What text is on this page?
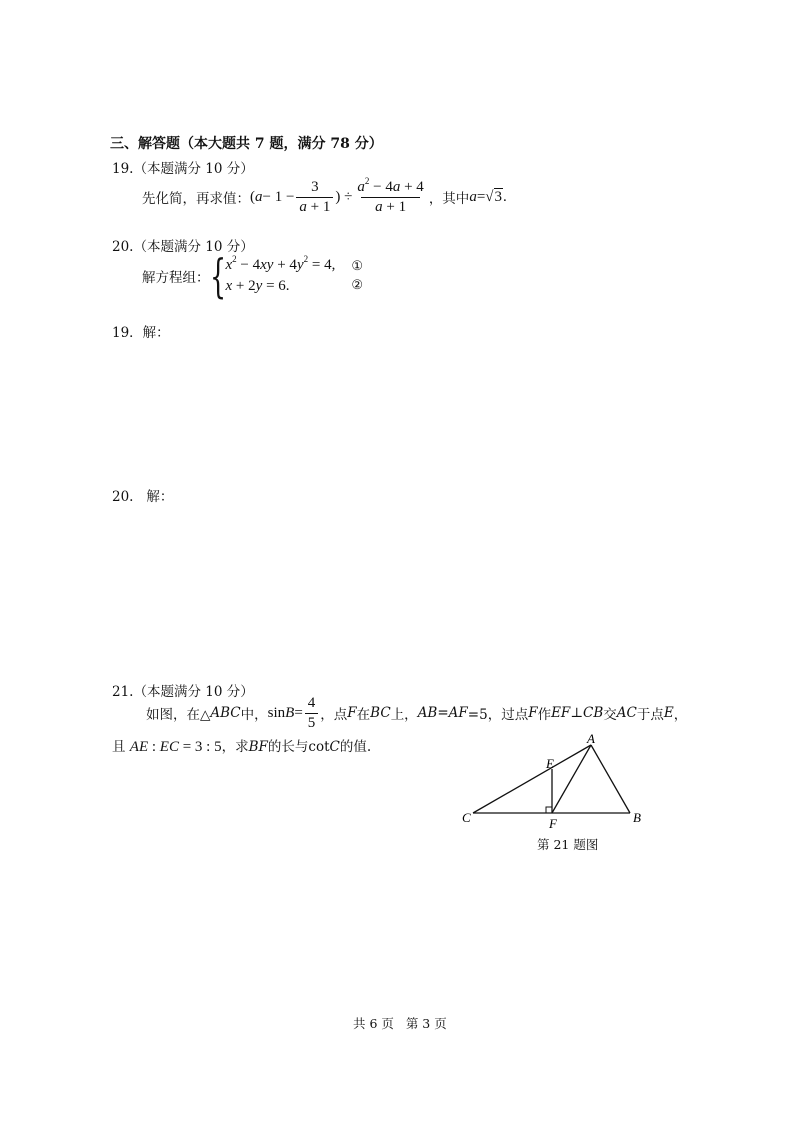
三、解答题（本大题共 7 题，满分 78 分）
19.（本题满分 10 分）
先化简，再求值： ( $a - 1 - \frac{3}{a + 1}$ ) ÷ $\frac{a^2 - 4a + 4}{a + 1}$ ，其中 a=√3.
20.（本题满分 10 分）
解方程组： { $x^2 - 4xy + 4y^2 = 4$,
x + 2y = 6.
①
②
19．解：
20.   解：
21.（本题满分 10 分）
如图，在△ ABC 中， $\sin B = \frac{4}{5}$ ，点 F 在 BC 上， AB = AF =5，过点 F 作 EF ⊥ CB 交 AC 于点 E ，
且 AE : EC = 3 : 5，求BF的长与cotC的值.
A
B
C
E
F
第 21 题图
共 6 页   第 3 页
